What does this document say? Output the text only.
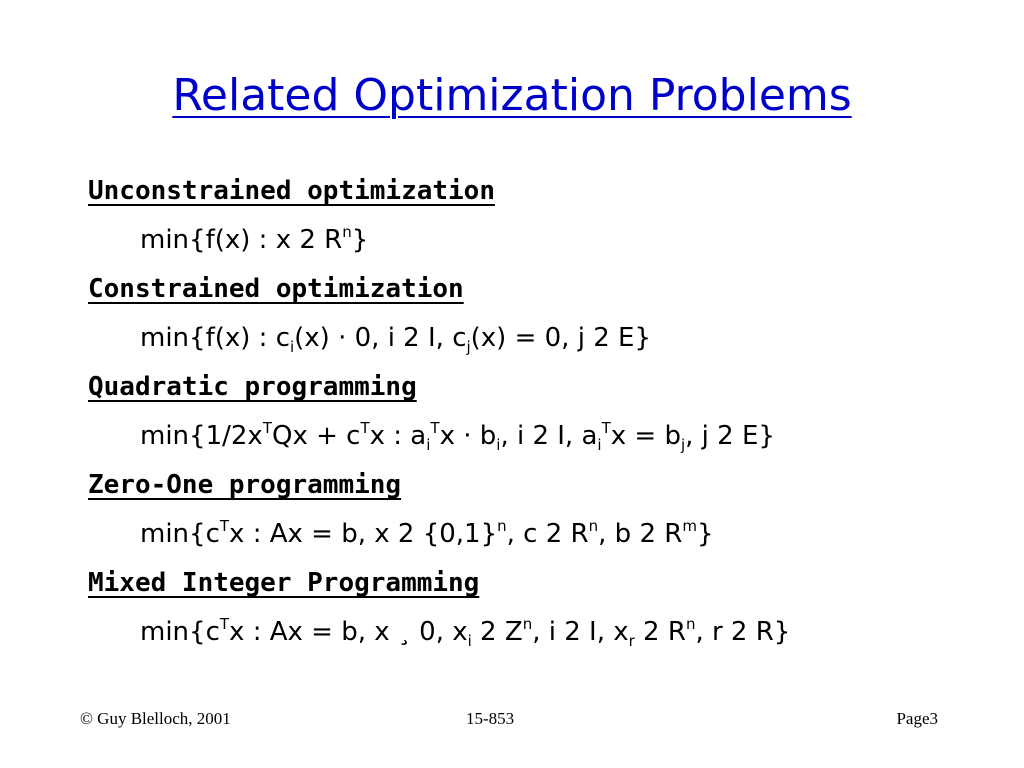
Related Optimization Problems
Unconstrained optimization
min{f(x) : x 2 $R^n$}
Constrained optimization
min{f(x) : $c_i(x) \cdot 0$, i 2 I, $c_j(x) = 0$, j 2 E}
Quadratic programming
$\min\{1/2x^TQx + c^Tx$ : $a_i^Tx \cdot b_i$, i 2 I, $a_i^Tx = b_j$, j 2 E}
Zero-One programming
$\min\{c^Tx$ : Ax = b, x 2 $\{0,1\}^n$, c 2 $R^n$, b 2 $R^m$}
Mixed Integer Programming
$\min\{c^Tx$ : Ax = b, x ¸ 0, $x_i$ 2 $Z^n$, i 2 I, $x_r$ 2 $R^n$, r 2 R}
© Guy Blelloch, 2001	15-853	Page3
